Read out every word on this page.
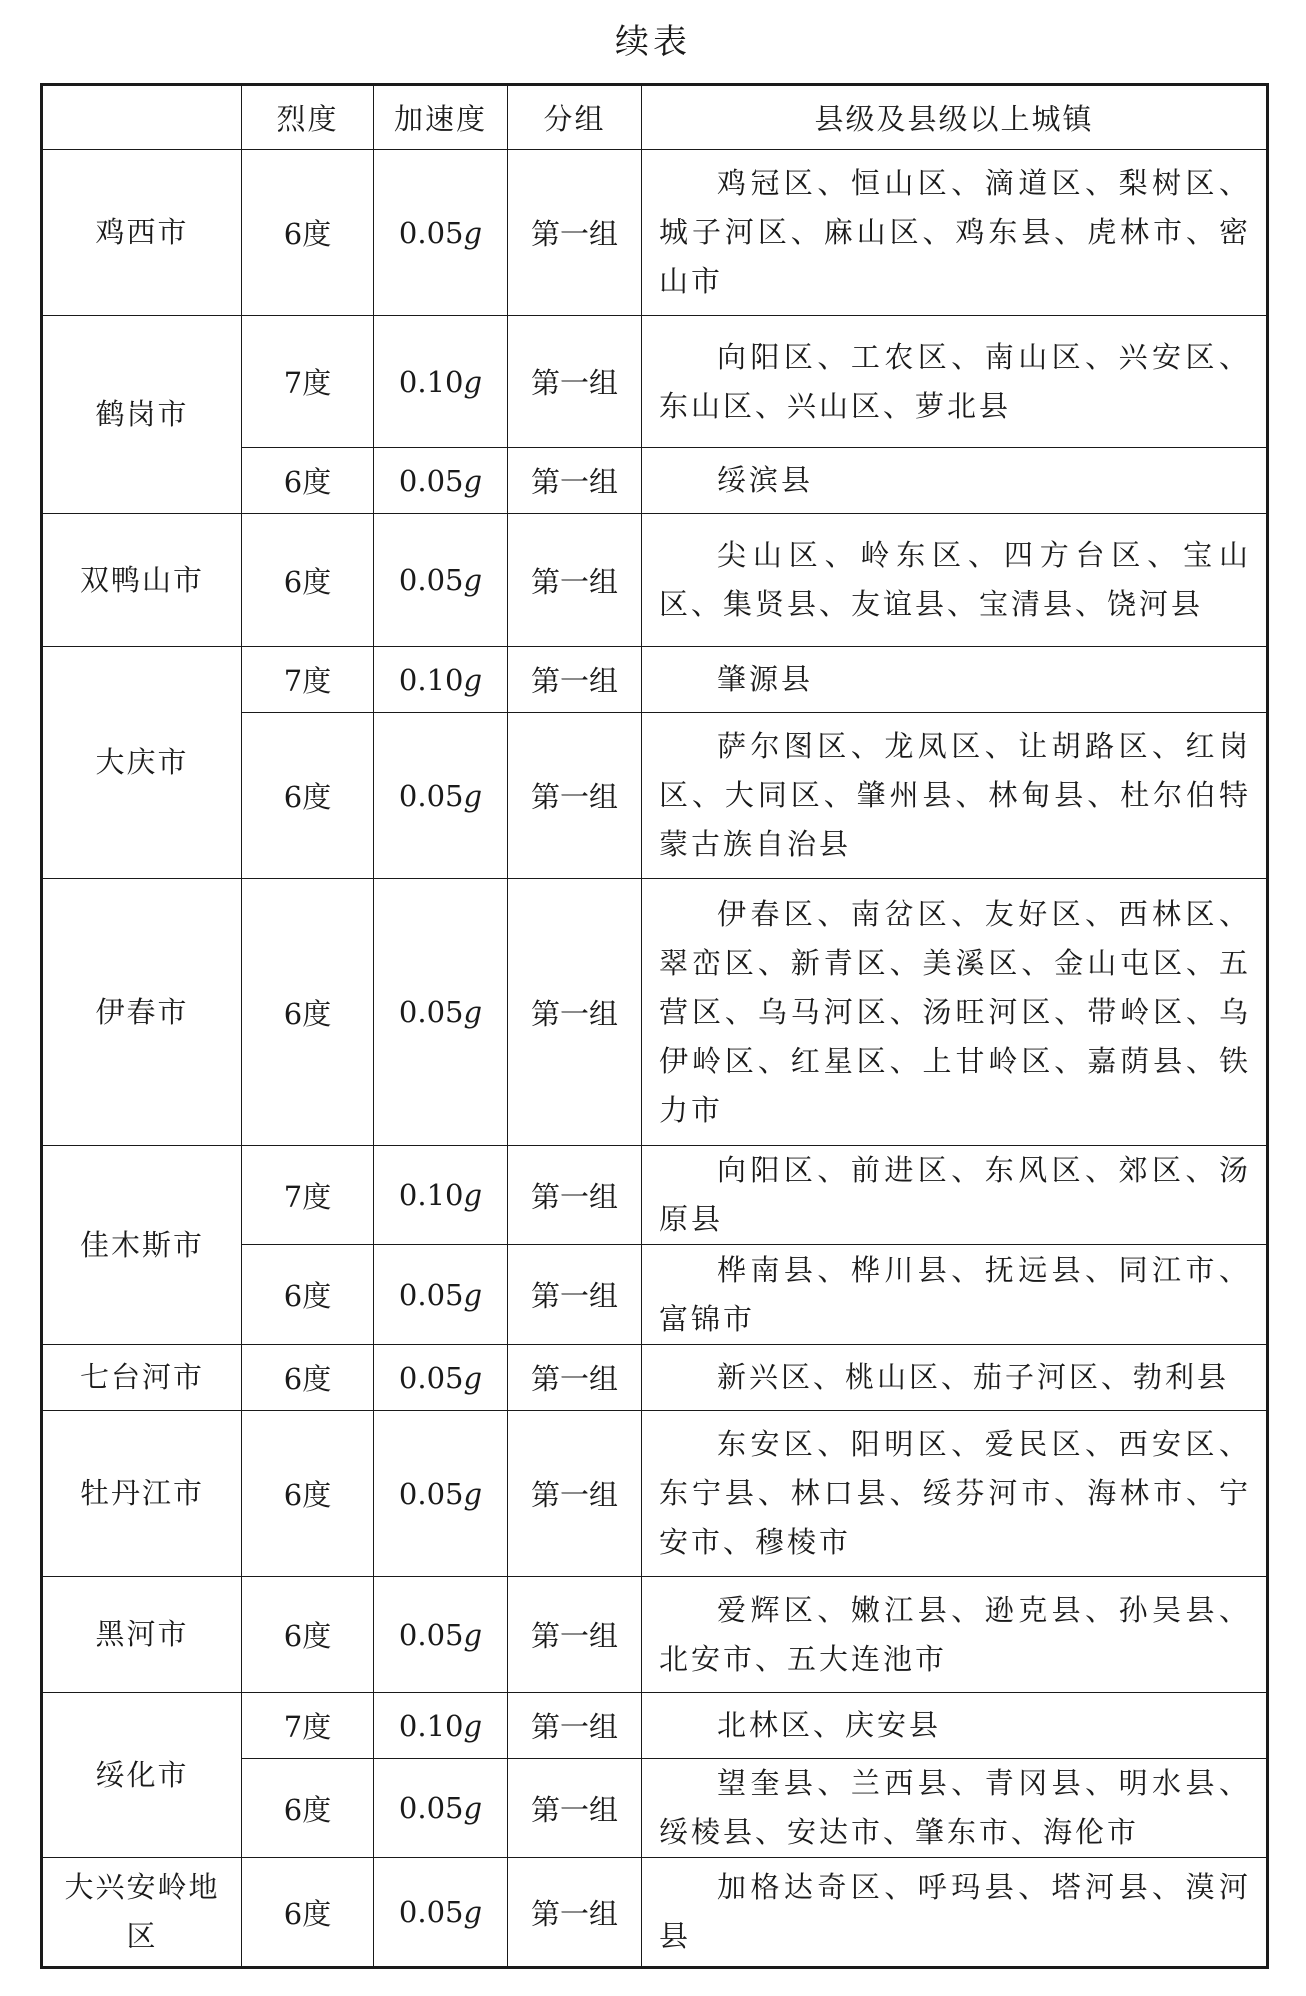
续表
	烈度	加速度	分组	县级及县级以上城镇
鸡西市	6度	0.05g	第一组	鸡冠区、恒山区、滴道区、梨树区、城子河区、麻山区、鸡东县、虎林市、密山市
鹤岗市	7度	0.10g	第一组	向阳区、工农区、南山区、兴安区、东山区、兴山区、萝北县
	6度	0.05g	第一组	绥滨县
双鸭山市	6度	0.05g	第一组	尖山区、岭东区、四方台区、宝山区、集贤县、友谊县、宝清县、饶河县
大庆市	7度	0.10g	第一组	肇源县
	6度	0.05g	第一组	萨尔图区、龙凤区、让胡路区、红岗区、大同区、肇州县、林甸县、杜尔伯特蒙古族自治县
伊春市	6度	0.05g	第一组	伊春区、南岔区、友好区、西林区、翠峦区、新青区、美溪区、金山屯区、五营区、乌马河区、汤旺河区、带岭区、乌伊岭区、红星区、上甘岭区、嘉荫县、铁力市
佳木斯市	7度	0.10g	第一组	向阳区、前进区、东风区、郊区、汤原县
	6度	0.05g	第一组	桦南县、桦川县、抚远县、同江市、富锦市
七台河市	6度	0.05g	第一组	新兴区、桃山区、茄子河区、勃利县
牡丹江市	6度	0.05g	第一组	东安区、阳明区、爱民区、西安区、东宁县、林口县、绥芬河市、海林市、宁安市、穆棱市
黑河市	6度	0.05g	第一组	爱辉区、嫩江县、逊克县、孙吴县、北安市、五大连池市
绥化市	7度	0.10g	第一组	北林区、庆安县
	6度	0.05g	第一组	望奎县、兰西县、青冈县、明水县、绥棱县、安达市、肇东市、海伦市
大兴安岭地区	6度	0.05g	第一组	加格达奇区、呼玛县、塔河县、漠河县
